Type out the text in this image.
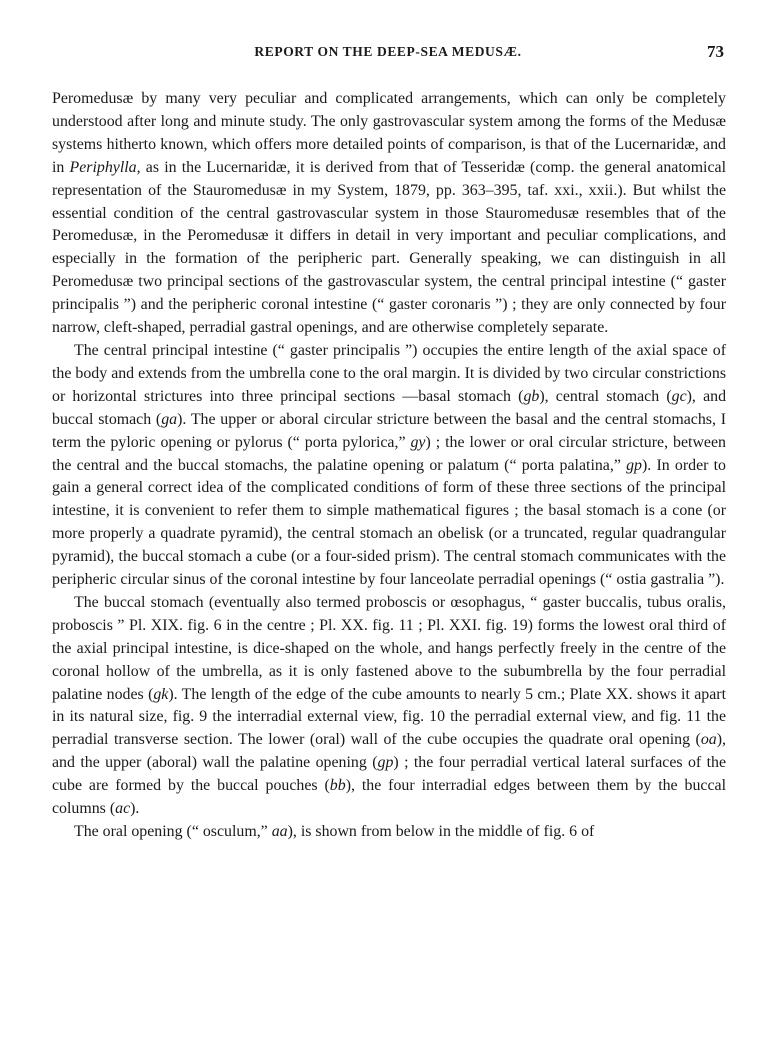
REPORT ON THE DEEP-SEA MEDUSÆ.	73

Peromedusæ by many very peculiar and complicated arrangements, which can only be completely understood after long and minute study. The only gastrovascular system among the forms of the Medusæ systems hitherto known, which offers more detailed points of comparison, is that of the Lucernaridæ, and in Periphylla, as in the Lucernaridæ, it is derived from that of Tesseridæ (comp. the general anatomical representation of the Stauromedusæ in my System, 1879, pp. 363–395, taf. xxi., xxii.). But whilst the essential condition of the central gastrovascular system in those Stauromedusæ resembles that of the Peromedusæ, in the Peromedusæ it differs in detail in very important and peculiar complications, and especially in the formation of the peripheric part. Generally speaking, we can distinguish in all Peromedusæ two principal sections of the gastrovascular system, the central principal intestine (“ gaster principalis ”) and the peripheric coronal intestine (“ gaster coronaris ”) ; they are only connected by four narrow, cleft-shaped, perradial gastral openings, and are otherwise completely separate.

The central principal intestine (“ gaster principalis ”) occupies the entire length of the axial space of the body and extends from the umbrella cone to the oral margin. It is divided by two circular constrictions or horizontal strictures into three principal sections —basal stomach (gb), central stomach (gc), and buccal stomach (ga). The upper or aboral circular stricture between the basal and the central stomachs, I term the pyloric opening or pylorus (“ porta pylorica,” gy) ; the lower or oral circular stricture, between the central and the buccal stomachs, the palatine opening or palatum (“ porta palatina,” gp). In order to gain a general correct idea of the complicated conditions of form of these three sections of the principal intestine, it is convenient to refer them to simple mathematical figures ; the basal stomach is a cone (or more properly a quadrate pyramid), the central stomach an obelisk (or a truncated, regular quadrangular pyramid), the buccal stomach a cube (or a four-sided prism). The central stomach communicates with the peripheric circular sinus of the coronal intestine by four lanceolate perradial openings (“ ostia gastralia ”).

The buccal stomach (eventually also termed proboscis or œsophagus, “ gaster buccalis, tubus oralis, proboscis ” Pl. XIX. fig. 6 in the centre ; Pl. XX. fig. 11 ; Pl. XXI. fig. 19) forms the lowest oral third of the axial principal intestine, is dice-shaped on the whole, and hangs perfectly freely in the centre of the coronal hollow of the umbrella, as it is only fastened above to the subumbrella by the four perradial palatine nodes (gk). The length of the edge of the cube amounts to nearly 5 cm.; Plate XX. shows it apart in its natural size, fig. 9 the interradial external view, fig. 10 the perradial external view, and fig. 11 the perradial transverse section. The lower (oral) wall of the cube occupies the quadrate oral opening (oa), and the upper (aboral) wall the palatine opening (gp) ; the four perradial vertical lateral surfaces of the cube are formed by the buccal pouches (bb), the four interradial edges between them by the buccal columns (ac).

The oral opening (“ osculum,” aa), is shown from below in the middle of fig. 6 of
